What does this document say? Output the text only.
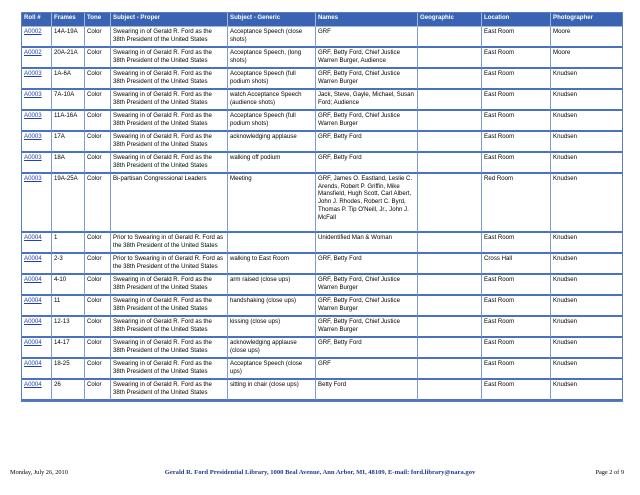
Roll #	Frames	Tone	Subject - Proper	Subject - Generic	Names	Geographic	Location	Photographer
A0002	14A-19A	Color	Swearing in of Gerald R. Ford as the 38th President of the United States	Acceptance Speech (close shots)	GRF		East Room	Moore
A0002	20A-21A	Color	Swearing in of Gerald R. Ford as the 38th President of the United States	Acceptance Speech, (long shots)	GRF, Betty Ford, Chief Justice Warren Burger, Audience		East Room	Moore
A0003	1A-6A	Color	Swearing in of Gerald R. Ford as the 38th President of the United States	Acceptance Speech (full podium shots)	GRF, Betty Ford, Chief Justice Warren Burger		East Room	Knudsen
A0003	7A-10A	Color	Swearing in of Gerald R. Ford as the 38th President of the United States	watch Acceptance Speech (audience shots)	Jack, Steve, Gayle, Michael, Susan Ford; Audience		East Room	Knudsen
A0003	11A-16A	Color	Swearing in of Gerald R. Ford as the 38th President of the United States	Acceptance Speech (full podium shots)	GRF, Betty Ford, Chief Justice Warren Burger		East Room	Knudsen
A0003	17A	Color	Swearing in of Gerald R. Ford as the 38th President of the United States	acknowledging applause	GRF, Betty Ford		East Room	Knudsen
A0003	18A	Color	Swearing in of Gerald R. Ford as the 38th President of the United States	walking off podium	GRF, Betty Ford		East Room	Knudsen
A0003	19A-25A	Color	Bi-partisan Congressional Leaders	Meeting	GRF, James O. Eastland, Leslie C. Arends, Robert P. Griffin, Mike Mansfield, Hugh Scott, Carl Albert, John J. Rhodes, Robert C. Byrd, Thomas P. Tip O'Neill, Jr., John J. McFall		Red Room	Knudsen
A0004	1	Color	Prior to Swearing in of Gerald R. Ford as the 38th President of the United States		Unidentified Man & Woman		East Room	Knudsen
A0004	2-3	Color	Prior to Swearing in of Gerald R. Ford as the 38th President of the United States	walking to East Room	GRF, Betty Ford		Cross Hall	Knudsen
A0004	4-10	Color	Swearing in of Gerald R. Ford as the 38th President of the United States	arm raised (close ups)	GRF, Betty Ford, Chief Justice Warren Burger		East Room	Knudsen
A0004	11	Color	Swearing in of Gerald R. Ford as the 38th President of the United States	handshaking (close ups)	GRF, Betty Ford, Chief Justice Warren Burger		East Room	Knudsen
A0004	12-13	Color	Swearing in of Gerald R. Ford as the 38th President of the United States	kissing (close ups)	GRF, Betty Ford, Chief Justice Warren Burger		East Room	Knudsen
A0004	14-17	Color	Swearing in of Gerald R. Ford as the 38th President of the United States	acknowledging applause (close ups)	GRF, Betty Ford		East Room	Knudsen
A0004	18-25	Color	Swearing in of Gerald R. Ford as the 38th President of the United States	Acceptance Speech (close ups)	GRF		East Room	Knudsen
A0004	26	Color	Swearing in of Gerald R. Ford as the 38th President of the United States	sitting in chair (close ups)	Betty Ford		East Room	Knudsen
Monday, July 26, 2010	Gerald R. Ford Presidential Library, 1000 Beal Avenue, Ann Arbor, MI, 48109, E-mail: ford.library@nara.gov	Page 2 of 9
